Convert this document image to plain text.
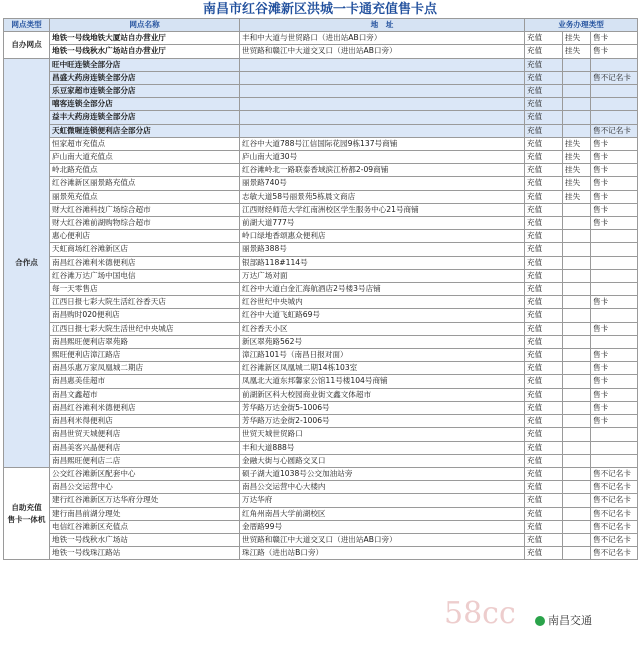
南昌市红谷滩新区洪城一卡通充值售卡点
网点类型	网点名称	地　址	业务办理类型		
自办网点	地铁一号线地铁大厦站自办营业厅	丰和中大道与世贸路口（进出站AB口旁）	充值	挂失	售卡
	地铁一号线秋水广场站自办营业厅	世贸路和赣江中大道交叉口（进出站AB口旁）	充值	挂失	售卡
合作点	旺中旺连锁全部分店		充值		
	昌盛大药房连锁全部分店		充值		售不记名卡
	乐豆家超市连锁全部分店		充值		
	嘻客连锁全部分店		充值		
	益丰大药房连锁全部分店		充值		
	天虹微喔连锁便利店全部分店		充值		售不记名卡
	恒家超市充值点	红谷中大道788号江信国际花园9栋137号商铺	充值	挂失	售卡
	庐山南大道充值点	庐山南大道30号	充值	挂失	售卡
	岭北路充值点	红谷滩岭北一路联泰香域滨江桥都2-09商铺	充值	挂失	售卡
	红谷滩新区丽景路充值点	丽景路740号	充值	挂失	售卡
	丽景苑充值点	志敏大道58号丽景苑5栋晨文商店	充值	挂失	售卡
	财大红谷滩科技广场综合超市	江西财经师范大学红南洲校区学生服务中心21号商铺	充值		售卡
	财大红谷滩前湖购物综合超市	前湖大道777号	充值		售卡
	惠心便利店	岭口绿地香颂惠众便利店	充值		
	天虹商场红谷滩新区店	丽景路388号	充值		
	南昌红谷滩利米德便利店	银部路118#114号	充值		
	红谷滩万达广场中国电信	万达广场对面	充值		
	每一天零售店	红谷中大道白金汇海航酒店2号楼3号店铺	充值		
	江西日报七彩大院生活红谷香天店	红谷世纪中央城内	充值		售卡
	南昌购时020便利店	红谷中大道飞虹路69号	充值		
	江西日报七彩大院生活世纪中央城店	红谷香天小区	充值		售卡
	南昌熙旺便利店翠苑路	新区翠苑路562号	充值		
	熙旺便利店漳江路店	漳江路101号（南昌日报对面）	充值		售卡
	南昌乐惠万家凤凰城二期店	红谷滩新区凤凰城二期14栋103室	充值		售卡
	南昌惠美佳超市	凤凰北大道东邦馨家公馆11号楼104号商铺	充值		售卡
	南昌文鑫超市	前湖新区科大校园商业街文鑫文体超市	充值		售卡
	南昌红谷滩利米德便利店	芳华路万达金街5-1006号	充值		售卡
	南昌利米得便利店	芳华路万达金街2-1006号	充值		售卡
	南昌世贸天城便利店	世贸天城世贸路口	充值		
	南昌美客兴晶便利店	丰和大道888号	充值		
	南昌熙旺便利店二店	金融大街与心圆路交叉口	充值		
自助充值
售卡一体机	公交红谷滩新区配套中心	硕子湖大道1038号公交加油站旁	充值		售不记名卡
	南昌公交运营中心	南昌公交运营中心大楼内	充值		售不记名卡
	建行红谷滩新区万达华府分理处	万达华府	充值		售不记名卡
	建行南昌前湖分理处	红角州南昌大学前湖校区	充值		售不记名卡
	电信红谷滩新区充值点	金厝路99号	充值		售不记名卡
	地铁一号线秋水广场站	世贸路和赣江中大道交叉口（进出站AB口旁）	充值		售不记名卡
	地铁一号线珠江路站	珠江路（进出站B口旁）	充值		售不记名卡
58cc	南昌交通
